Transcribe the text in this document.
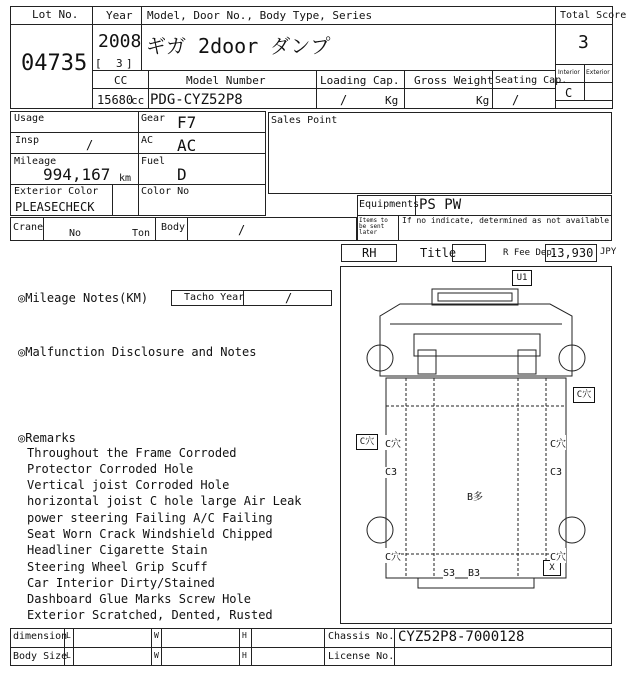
Lot No.
04735
Year
2008
[ 3 ]
Model, Door No., Body Type, Series
ギガ 2door ダンプ
Total Score
3
Interior Exterior
C
CC
15680
cc
Model Number
PDG-CYZ52P8
Loading Cap.
/	Kg
Gross Weight
Kg
Seating Cap.
/
Usage	Gear F7
Insp	/	AC AC
Mileage
994,167 km
Fuel
D
Exterior Color
PLEASECHECK
Color No
Sales Point
Equipments PS PW
Items to be sent later
If no indicate, determined as not available
Crane
No	Ton
Body	/
RH	Title	R Fee Dep.
13,930 JPY
◎Mileage Notes(KM)	Tacho Year	/
◎Malfunction Disclosure and Notes
◎Remarks
Throughout the Frame Corroded
Protector Corroded Hole
Vertical joist Corroded Hole
horizontal joist C hole large Air Leak
power steering Failing A/C Failing
Seat Worn Crack Windshield Chipped
Headliner Cigarette Stain
Steering Wheel Grip Scuff
Car Interior Dirty/Stained
Dashboard Glue Marks Screw Hole
Exterior Scratched, Dented, Rusted
U1
C穴
C穴
X
C穴	C穴
C3	C3
B多
C穴	C穴
S3 B3
dimension
Body Size
L	W	H
L	W	H
Chassis No. CYZ52P8-7000128
License No.
